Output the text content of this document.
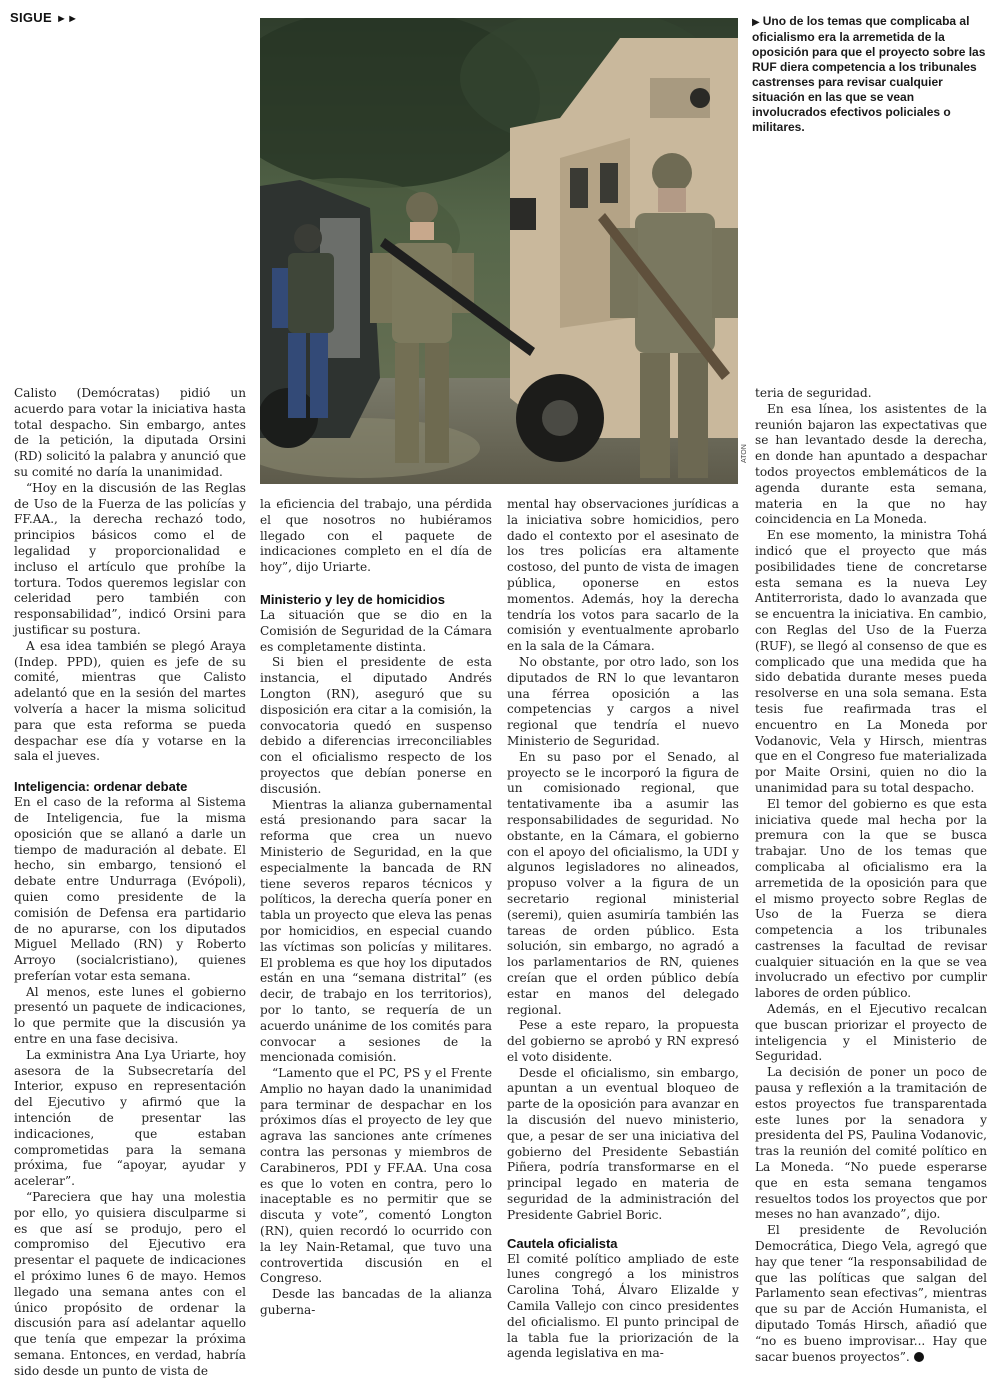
SIGUE ►►
ATON
▶ Uno de los temas que complicaba al oficialismo era la arremetida de la oposición para que el proyecto sobre las RUF diera competencia a los tribunales castrenses para revisar cualquier situación en las que se vean involucrados efectivos policiales o militares.

Calisto (Demócratas) pidió un acuerdo para votar la iniciativa hasta total despacho. Sin embargo, antes de la petición, la diputada Orsini (RD) solicitó la palabra y anunció que su comité no daría la unanimidad.

“Hoy en la discusión de las Reglas de Uso de la Fuerza de las policías y FF.AA., la derecha rechazó todo, principios básicos como el de legalidad y proporcionalidad e incluso el artículo que prohíbe la tortura. Todos queremos legislar con celeridad pero también con responsabilidad”, indicó Orsini para justificar su postura.

A esa idea también se plegó Araya (Indep. PPD), quien es jefe de su comité, mientras que Calisto adelantó que en la sesión del martes volvería a hacer la misma solicitud para que esta reforma se pueda despachar ese día y votarse en la sala el jueves.

Inteligencia: ordenar debate

En el caso de la reforma al Sistema de Inteligencia, fue la misma oposición que se allanó a darle un tiempo de maduración al debate. El hecho, sin embargo, tensionó el debate entre Undurraga (Evópoli), quien como presidente de la comisión de Defensa era partidario de no apurarse, con los diputados Miguel Mellado (RN) y Roberto Arroyo (socialcristiano), quienes preferían votar esta semana.

Al menos, este lunes el gobierno presentó un paquete de indicaciones, lo que permite que la discusión ya entre en una fase decisiva.

La exministra Ana Lya Uriarte, hoy asesora de la Subsecretaría del Interior, expuso en representación del Ejecutivo y afirmó que la intención de presentar las indicaciones, que estaban comprometidas para la semana próxima, fue “apoyar, ayudar y acelerar”.

“Pareciera que hay una molestia por ello, yo quisiera disculparme si es que así se produjo, pero el compromiso del Ejecutivo era presentar el paquete de indicaciones el próximo lunes 6 de mayo. Hemos llegado una semana antes con el único propósito de ordenar la discusión para así adelantar aquello que tenía que empezar la próxima semana. Entonces, en verdad, habría sido desde un punto de vista de

la eficiencia del trabajo, una pérdida el que nosotros no hubiéramos llegado con el paquete de indicaciones completo en el día de hoy”, dijo Uriarte.

Ministerio y ley de homicidios

La situación que se dio en la Comisión de Seguridad de la Cámara es completamente distinta.

Si bien el presidente de esta instancia, el diputado Andrés Longton (RN), aseguró que su disposición era citar a la comisión, la convocatoria quedó en suspenso debido a diferencias irreconciliables con el oficialismo respecto de los proyectos que debían ponerse en discusión.

Mientras la alianza gubernamental está presionando para sacar la reforma que crea un nuevo Ministerio de Seguridad, en la que especialmente la bancada de RN tiene severos reparos técnicos y políticos, la derecha quería poner en tabla un proyecto que eleva las penas por homicidios, en especial cuando las víctimas son policías y militares. El problema es que hoy los diputados están en una “semana distrital” (es decir, de trabajo en los territorios), por lo tanto, se requería de un acuerdo unánime de los comités para convocar a sesiones de la mencionada comisión.

“Lamento que el PC, PS y el Frente Amplio no hayan dado la unanimidad para terminar de despachar en los próximos días el proyecto de ley que agrava las sanciones ante crímenes contra las personas y miembros de Carabineros, PDI y FF.AA. Una cosa es que lo voten en contra, pero lo inaceptable es no permitir que se discuta y vote”, comentó Longton (RN), quien recordó lo ocurrido con la ley Nain-Retamal, que tuvo una controvertida discusión en el Congreso.

Desde las bancadas de la alianza guberna-

mental hay observaciones jurídicas a la iniciativa sobre homicidios, pero dado el contexto por el asesinato de los tres policías era altamente costoso, del punto de vista de imagen pública, oponerse en estos momentos. Además, hoy la derecha tendría los votos para sacarlo de la comisión y eventualmente aprobarlo en la sala de la Cámara.

No obstante, por otro lado, son los diputados de RN lo que levantaron una férrea oposición a las competencias y cargos a nivel regional que tendría el nuevo Ministerio de Seguridad.

En su paso por el Senado, al proyecto se le incorporó la figura de un comisionado regional, que tentativamente iba a asumir las responsabilidades de seguridad. No obstante, en la Cámara, el gobierno con el apoyo del oficialismo, la UDI y algunos legisladores no alineados, propuso volver a la figura de un secretario regional ministerial (seremi), quien asumiría también las tareas de orden público. Esta solución, sin embargo, no agradó a los parlamentarios de RN, quienes creían que el orden público debía estar en manos del delegado regional.

Pese a este reparo, la propuesta del gobierno se aprobó y RN expresó el voto disidente.

Desde el oficialismo, sin embargo, apuntan a un eventual bloqueo de parte de la oposición para avanzar en la discusión del nuevo ministerio, que, a pesar de ser una iniciativa del gobierno del Presidente Sebastián Piñera, podría transformarse en el principal legado en materia de seguridad de la administración del Presidente Gabriel Boric.

Cautela oficialista

El comité político ampliado de este lunes congregó a los ministros Carolina Tohá, Álvaro Elizalde y Camila Vallejo con cinco presidentes del oficialismo. El punto principal de la tabla fue la priorización de la agenda legislativa en ma-

teria de seguridad.

En esa línea, los asistentes de la reunión bajaron las expectativas que se han levantado desde la derecha, en donde han apuntado a despachar todos proyectos emblemáticos de la agenda durante esta semana, materia en la que no hay coincidencia en La Moneda.

En ese momento, la ministra Tohá indicó que el proyecto que más posibilidades tiene de concretarse esta semana es la nueva Ley Antiterrorista, dado lo avanzada que se encuentra la iniciativa. En cambio, con Reglas del Uso de la Fuerza (RUF), se llegó al consenso de que es complicado que una medida que ha sido debatida durante meses pueda resolverse en una sola semana. Esta tesis fue reafirmada tras el encuentro en La Moneda por Vodanovic, Vela y Hirsch, mientras que en el Congreso fue materializada por Maite Orsini, quien no dio la unanimidad para su total despacho.

El temor del gobierno es que esta iniciativa quede mal hecha por la premura con la que se busca trabajar. Uno de los temas que complicaba al oficialismo era la arremetida de la oposición para que el mismo proyecto sobre Reglas de Uso de la Fuerza se diera competencia a los tribunales castrenses la facultad de revisar cualquier situación en la que se vea involucrado un efectivo por cumplir labores de orden público.

Además, en el Ejecutivo recalcan que buscan priorizar el proyecto de inteligencia y el Ministerio de Seguridad.

La decisión de poner un poco de pausa y reflexión a la tramitación de estos proyectos fue transparentada este lunes por la senadora y presidenta del PS, Paulina Vodanovic, tras la reunión del comité político en La Moneda. “No puede esperarse que en esta semana tengamos resueltos todos los proyectos que por meses no han avanzado”, dijo.

El presidente de Revolución Democrática, Diego Vela, agregó que hay que tener “la responsabilidad de que las políticas que salgan del Parlamento sean efectivas”, mientras que su par de Acción Humanista, el diputado Tomás Hirsch, añadió que “no es bueno improvisar... Hay que sacar buenos proyectos”.
